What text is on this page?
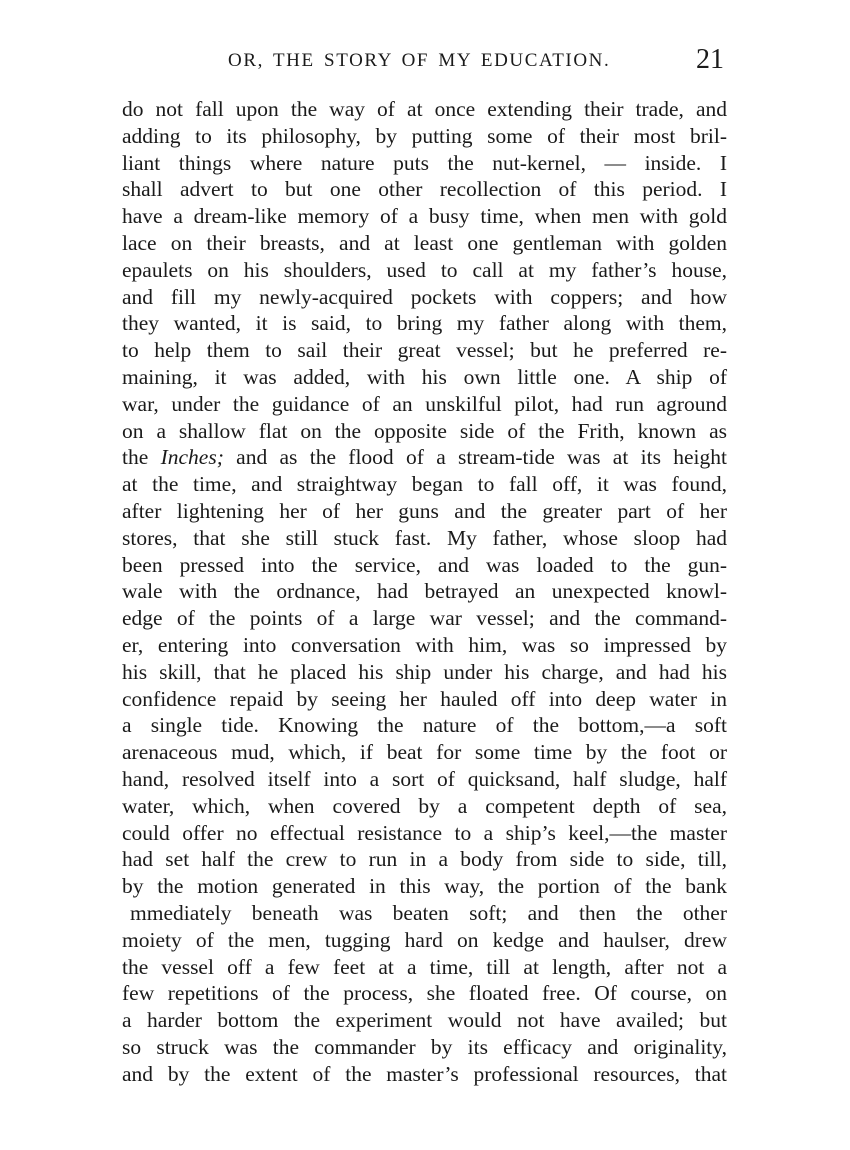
OR, THE STORY OF MY EDUCATION.	21
do not fall upon the way of at once extending their trade, and
adding to its philosophy, by putting some of their most bril-
liant things where nature puts the nut-kernel, — inside. I
shall advert to but one other recollection of this period. I
have a dream-like memory of a busy time, when men with gold
lace on their breasts, and at least one gentleman with golden
epaulets on his shoulders, used to call at my father’s house,
and fill my newly-acquired pockets with coppers; and how
they wanted, it is said, to bring my father along with them,
to help them to sail their great vessel; but he preferred re-
maining, it was added, with his own little one. A ship of
war, under the guidance of an unskilful pilot, had run aground
on a shallow flat on the opposite side of the Frith, known as
the Inches; and as the flood of a stream-tide was at its height
at the time, and straightway began to fall off, it was found,
after lightening her of her guns and the greater part of her
stores, that she still stuck fast. My father, whose sloop had
been pressed into the service, and was loaded to the gun-
wale with the ordnance, had betrayed an unexpected knowl-
edge of the points of a large war vessel; and the command-
er, entering into conversation with him, was so impressed by
his skill, that he placed his ship under his charge, and had his
confidence repaid by seeing her hauled off into deep water in
a single tide. Knowing the nature of the bottom,—a soft
arenaceous mud, which, if beat for some time by the foot or
hand, resolved itself into a sort of quicksand, half sludge, half
water, which, when covered by a competent depth of sea,
could offer no effectual resistance to a ship’s keel,—the master
had set half the crew to run in a body from side to side, till,
by the motion generated in this way, the portion of the bank
mmediately beneath was beaten soft; and then the other
moiety of the men, tugging hard on kedge and haulser, drew
the vessel off a few feet at a time, till at length, after not a
few repetitions of the process, she floated free. Of course, on
a harder bottom the experiment would not have availed; but
so struck was the commander by its efficacy and originality,
and by the extent of the master’s professional resources, that
